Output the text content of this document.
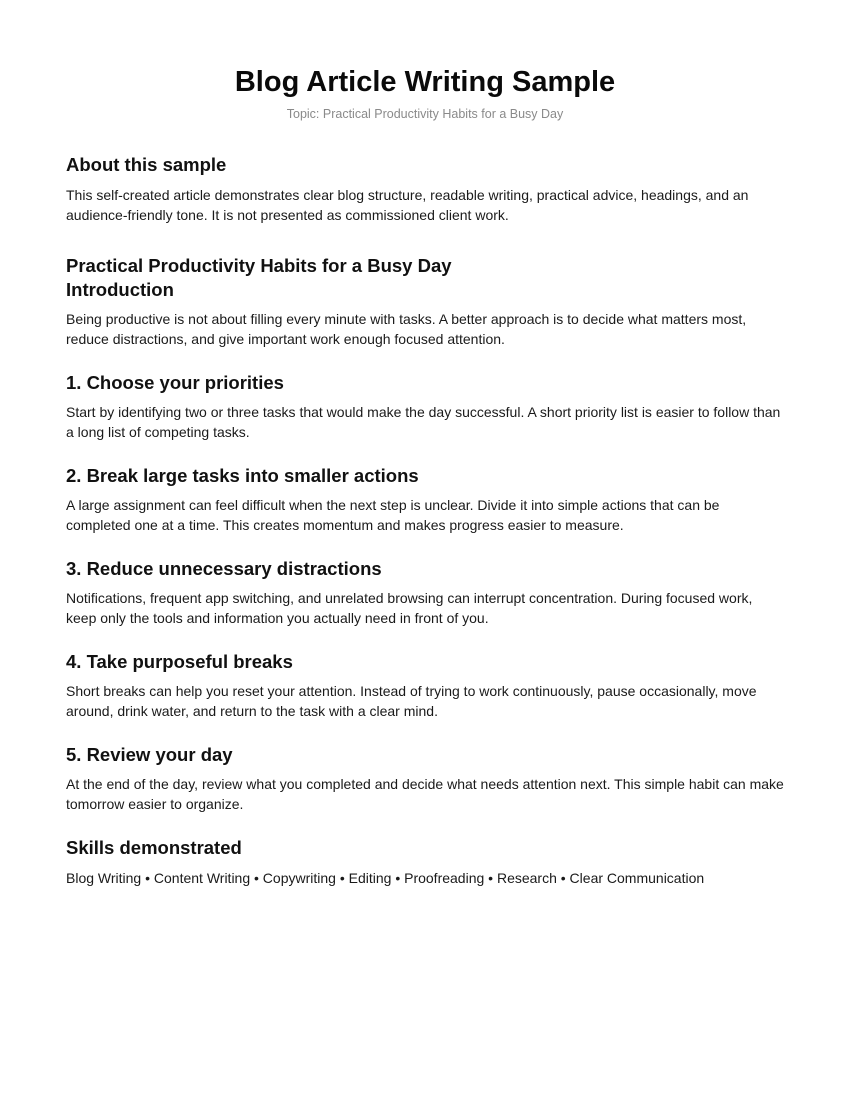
Blog Article Writing Sample
Topic: Practical Productivity Habits for a Busy Day
About this sample

This self-created article demonstrates clear blog structure, readable writing, practical advice, headings, and an audience-friendly tone. It is not presented as commissioned client work.

Practical Productivity Habits for a Busy Day
Introduction

Being productive is not about filling every minute with tasks. A better approach is to decide what matters most, reduce distractions, and give important work enough focused attention.

1. Choose your priorities

Start by identifying two or three tasks that would make the day successful. A short priority list is easier to follow than a long list of competing tasks.

2. Break large tasks into smaller actions

A large assignment can feel difficult when the next step is unclear. Divide it into simple actions that can be completed one at a time. This creates momentum and makes progress easier to measure.

3. Reduce unnecessary distractions

Notifications, frequent app switching, and unrelated browsing can interrupt concentration. During focused work, keep only the tools and information you actually need in front of you.

4. Take purposeful breaks

Short breaks can help you reset your attention. Instead of trying to work continuously, pause occasionally, move around, drink water, and return to the task with a clear mind.

5. Review your day

At the end of the day, review what you completed and decide what needs attention next. This simple habit can make tomorrow easier to organize.

Skills demonstrated

Blog Writing • Content Writing • Copywriting • Editing • Proofreading • Research • Clear Communication
